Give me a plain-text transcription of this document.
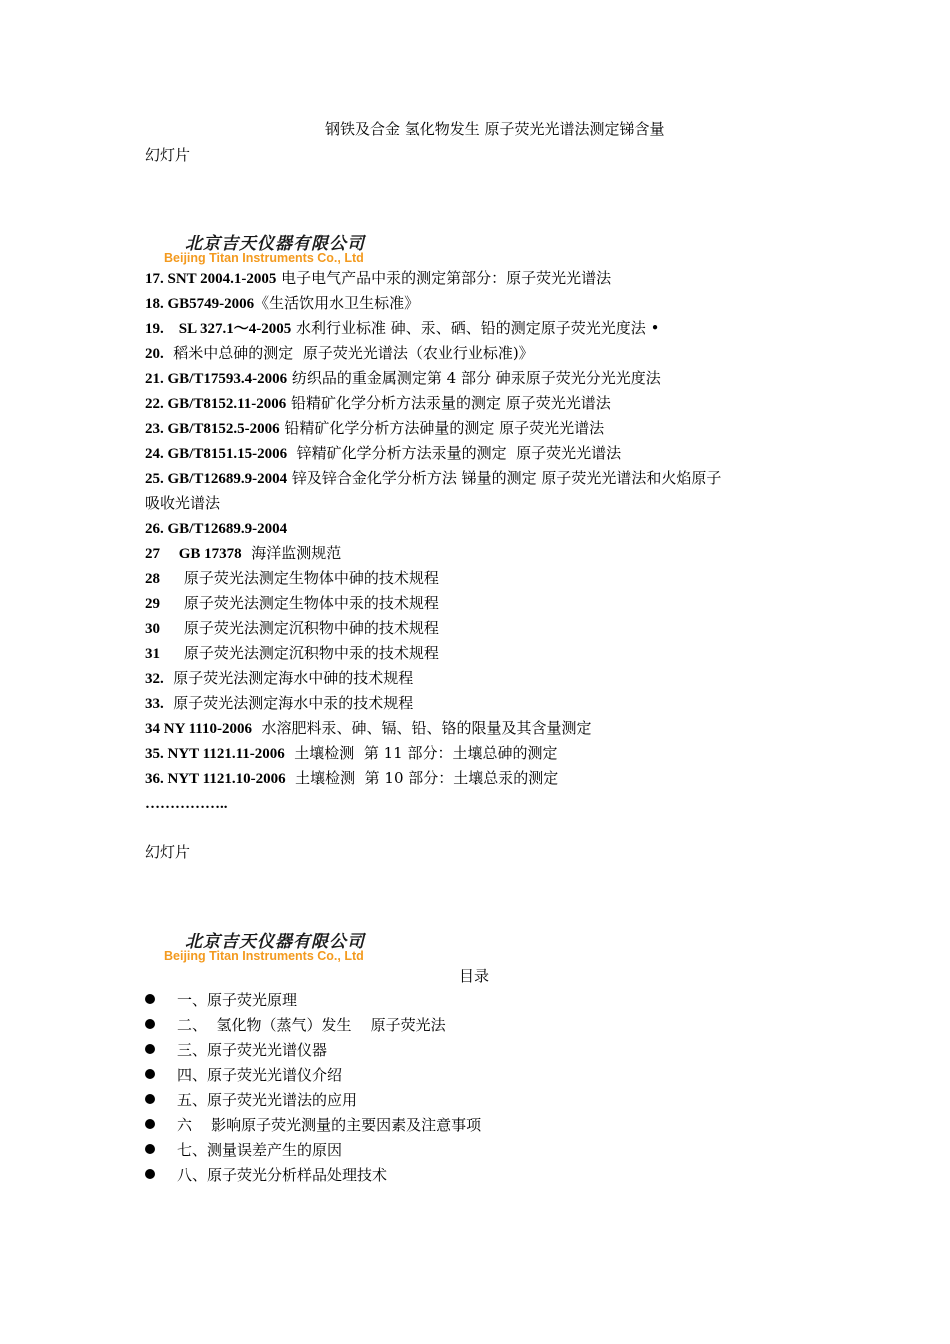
钢铁及合金 氢化物发生 原子荧光光谱法测定锑含量
幻灯片
北京吉天仪器有限公司
Beijing Titan Instruments Co., Ltd
17. SNT 2004.1-2005 电子电气产品中汞的测定第部分：原子荧光光谱法
18. GB5749-2006《生活饮用水卫生标准》
19.    SL 327.1～4-2005 水利行业标准 砷、汞、硒、铅的测定原子荧光光度法 •
20.  稻米中总砷的测定  原子荧光光谱法（农业行业标准)》
21. GB/T17593.4-2006 纺织品的重金属测定第 4 部分 砷汞原子荧光分光光度法
22. GB/T8152.11-2006 铅精矿化学分析方法汞量的测定 原子荧光光谱法
23. GB/T8152.5-2006 铅精矿化学分析方法砷量的测定 原子荧光光谱法
24. GB/T8151.15-2006  锌精矿化学分析方法汞量的测定  原子荧光光谱法
25. GB/T12689.9-2004 锌及锌合金化学分析方法 锑量的测定 原子荧光光谱法和火焰原子
吸收光谱法
26. GB/T12689.9-2004
27     GB 17378  海洋监测规范
28     原子荧光法测定生物体中砷的技术规程
29     原子荧光法测定生物体中汞的技术规程
30     原子荧光法测定沉积物中砷的技术规程
31     原子荧光法测定沉积物中汞的技术规程
32.  原子荧光法测定海水中砷的技术规程
33.  原子荧光法测定海水中汞的技术规程
34 NY 1110-2006  水溶肥料汞、砷、镉、铅、铬的限量及其含量测定
35. NYT 1121.11-2006  土壤检测  第 11 部分：土壤总砷的测定
36. NYT 1121.10-2006  土壤检测  第 10 部分：土壤总汞的测定
……………..
幻灯片
北京吉天仪器有限公司
Beijing Titan Instruments Co., Ltd
目录
一、原子荧光原理
二、  氢化物（蒸气）发生    原子荧光法
三、原子荧光光谱仪器
四、原子荧光光谱仪介绍
五、原子荧光光谱法的应用
六    影响原子荧光测量的主要因素及注意事项
七、测量误差产生的原因
八、原子荧光分析样品处理技术
